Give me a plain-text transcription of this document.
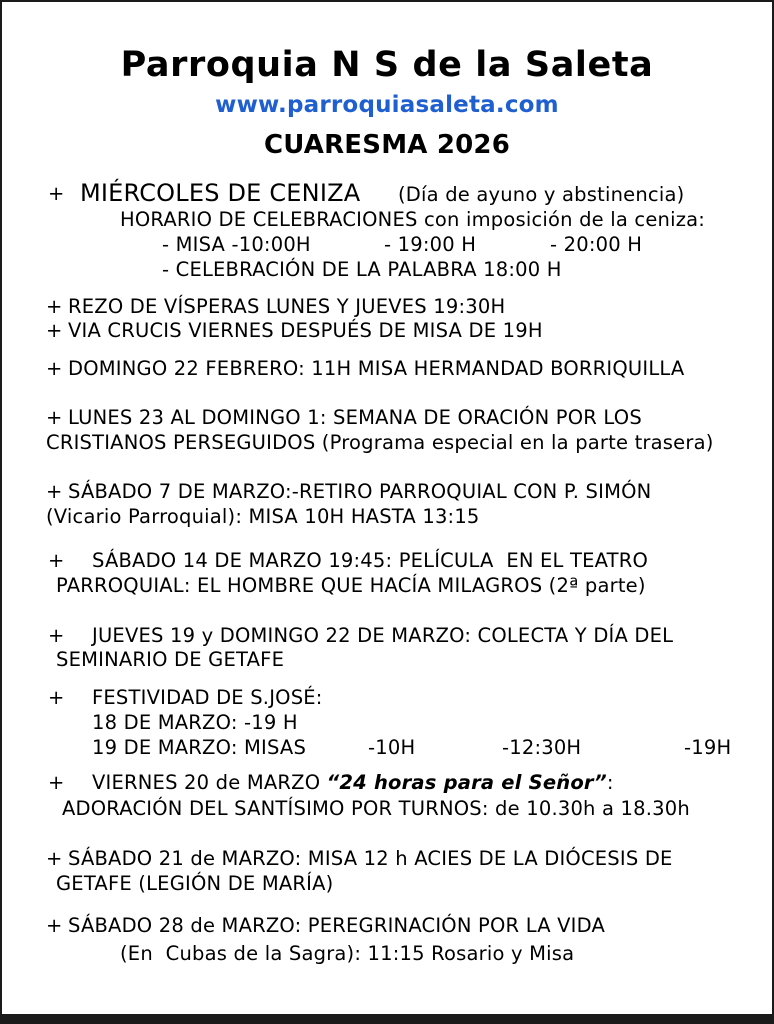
Parroquia N S de la Saleta

www.parroquiasaleta.com

CUARESMA 2026

+ MIÉRCOLES DE CENIZA (Día de ayuno y abstinencia)

HORARIO DE CELEBRACIONES con imposición de la ceniza:

- MISA -10:00H	- 19:00 H	- 20:00 H

- CELEBRACIÓN DE LA PALABRA 18:00 H

+ REZO DE VÍSPERAS LUNES Y JUEVES 19:30H

+ VIA CRUCIS VIERNES DESPUÉS DE MISA DE 19H

+ DOMINGO 22 FEBRERO: 11H MISA HERMANDAD BORRIQUILLA

+ LUNES 23 AL DOMINGO 1: SEMANA DE ORACIÓN POR LOS

CRISTIANOS PERSEGUIDOS (Programa especial en la parte trasera)

+ SÁBADO 7 DE MARZO:-RETIRO PARROQUIAL CON P. SIMÓN

(Vicario Parroquial): MISA 10H HASTA 13:15

+ SÁBADO 14 DE MARZO 19:45: PELÍCULA  EN EL TEATRO

PARROQUIAL: EL HOMBRE QUE HACÍA MILAGROS (2ª parte)

+ JUEVES 19 y DOMINGO 22 DE MARZO: COLECTA Y DÍA DEL

SEMINARIO DE GETAFE

+ FESTIVIDAD DE S.JOSÉ:

18 DE MARZO: -19 H

19 DE MARZO: MISAS	-10H	-12:30H	-19H
+ VIERNES 20 de MARZO “24 horas para el Señor”:

ADORACIÓN DEL SANTÍSIMO POR TURNOS: de 10.30h a 18.30h

+ SÁBADO 21 de MARZO: MISA 12 h ACIES DE LA DIÓCESIS DE

GETAFE (LEGIÓN DE MARÍA)

+ SÁBADO 28 de MARZO: PEREGRINACIÓN POR LA VIDA

(En  Cubas de la Sagra): 11:15 Rosario y Misa
